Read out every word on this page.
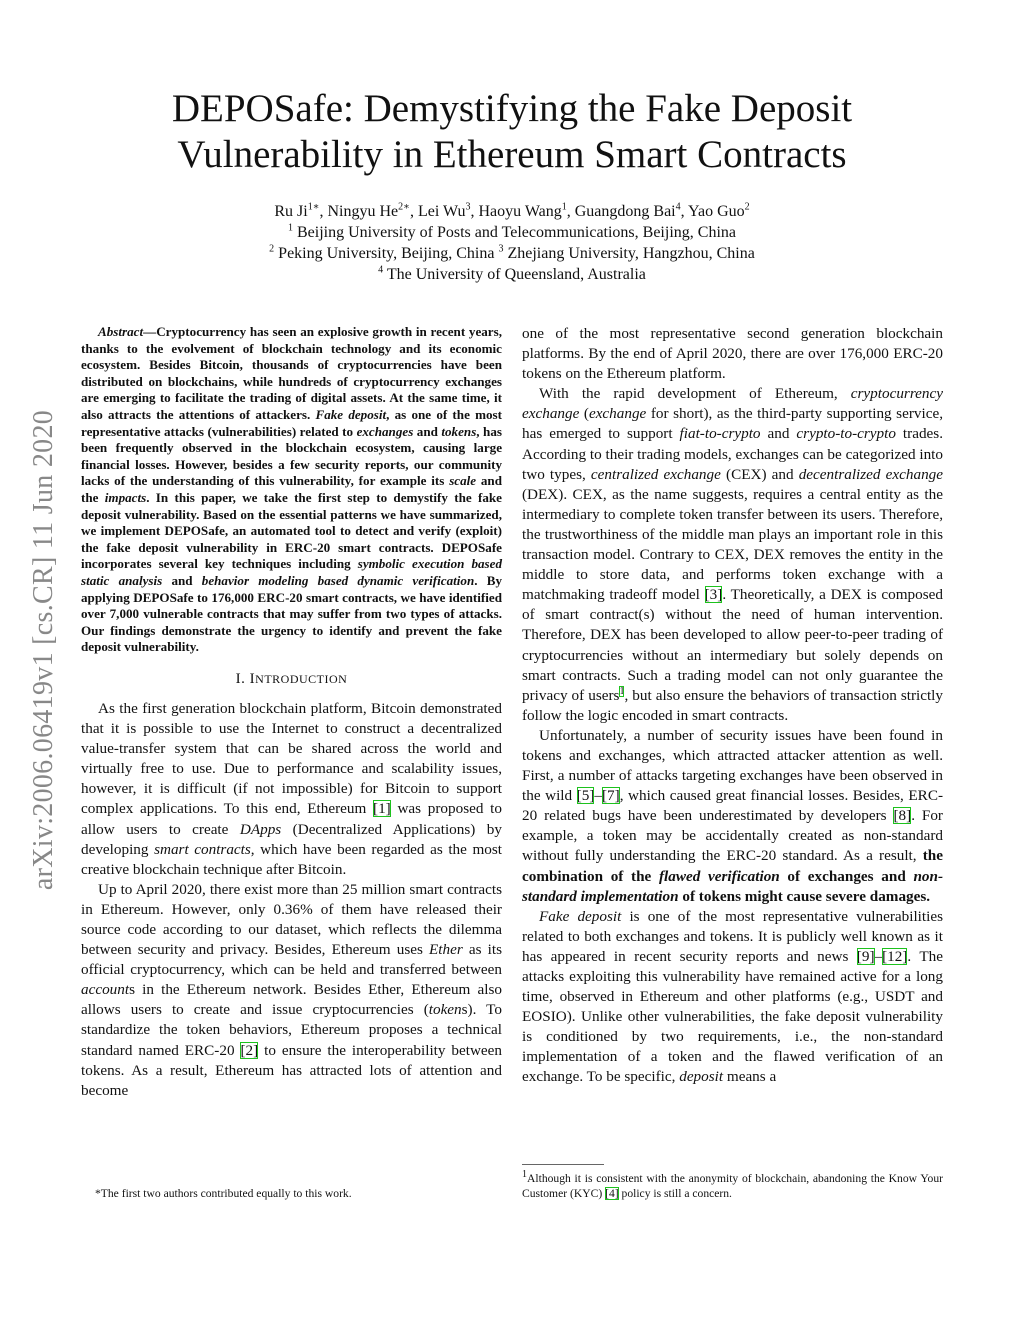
arXiv:2006.06419v1 [cs.CR] 11 Jun 2020
DEPOSafe: Demystifying the Fake Deposit
Vulnerability in Ethereum Smart Contracts
Ru $Ji^{1∗}$, Ningyu $He^{2∗}$, Lei Wu$^3$, Haoyu Wang$^1$, Guangdong Bai$^4$, Yao Guo$^2$
$^1$ Beijing University of Posts and Telecommunications, Beijing, China
$^2$ Peking University, Beijing, China $^3$ Zhejiang University, Hangzhou, China
$^4$ The University of Queensland, Australia

Abstract—Cryptocurrency has seen an explosive growth in recent years, thanks to the evolvement of blockchain technology and its economic ecosystem. Besides Bitcoin, thousands of cryptocurrencies have been distributed on blockchains, while hundreds of cryptocurrency exchanges are emerging to facilitate the trading of digital assets. At the same time, it also attracts the attentions of attackers. Fake deposit, as one of the most representative attacks (vulnerabilities) related to exchanges and tokens, has been frequently observed in the blockchain ecosystem, causing large financial losses. However, besides a few security reports, our community lacks of the understanding of this vulnerability, for example its scale and the impacts. In this paper, we take the first step to demystify the fake deposit vulnerability. Based on the essential patterns we have summarized, we implement DEPOSafe, an automated tool to detect and verify (exploit) the fake deposit vulnerability in ERC-20 smart contracts. DEPOSafe incorporates several key techniques including symbolic execution based static analysis and behavior modeling based dynamic verification. By applying DEPOSafe to 176,000 ERC-20 smart contracts, we have identified over 7,000 vulnerable contracts that may suffer from two types of attacks. Our findings demonstrate the urgency to identify and prevent the fake deposit vulnerability.

I. INTRODUCTION

As the first generation blockchain platform, Bitcoin demonstrated that it is possible to use the Internet to construct a decentralized value-transfer system that can be shared across the world and virtually free to use. Due to performance and scalability issues, however, it is difficult (if not impossible) for Bitcoin to support complex applications. To this end, Ethereum [1] was proposed to allow users to create DApps (Decentralized Applications) by developing smart contracts, which have been regarded as the most creative blockchain technique after Bitcoin.

Up to April 2020, there exist more than 25 million smart contracts in Ethereum. However, only 0.36% of them have released their source code according to our dataset, which reflects the dilemma between security and privacy. Besides, Ethereum uses Ether as its official cryptocurrency, which can be held and transferred between accounts in the Ethereum network. Besides Ether, Ethereum also allows users to create and issue cryptocurrencies (tokens). To standardize the token behaviors, Ethereum proposes a technical standard named ERC-20 [2] to ensure the interoperability between tokens. As a result, Ethereum has attracted lots of attention and become

one of the most representative second generation blockchain platforms. By the end of April 2020, there are over 176,000 ERC-20 tokens on the Ethereum platform.

With the rapid development of Ethereum, cryptocurrency exchange (exchange for short), as the third-party supporting service, has emerged to support fiat-to-crypto and crypto-to-crypto trades. According to their trading models, exchanges can be categorized into two types, centralized exchange (CEX) and decentralized exchange (DEX). CEX, as the name suggests, requires a central entity as the intermediary to complete token transfer between its users. Therefore, the trustworthiness of the middle man plays an important role in this transaction model. Contrary to CEX, DEX removes the entity in the middle to store data, and performs token exchange with a matchmaking tradeoff model [3]. Theoretically, a DEX is composed of smart contract(s) without the need of human intervention. Therefore, DEX has been developed to allow peer-to-peer trading of cryptocurrencies without an intermediary but solely depends on smart contracts. Such a trading model can not only guarantee the privacy of users$^1$, but also ensure the behaviors of transaction strictly follow the logic encoded in smart contracts.

Unfortunately, a number of security issues have been found in tokens and exchanges, which attracted attacker attention as well. First, a number of attacks targeting exchanges have been observed in the wild [5]–[7], which caused great financial losses. Besides, ERC-20 related bugs have been underestimated by developers [8]. For example, a token may be accidentally created as non-standard without fully understanding the ERC-20 standard. As a result, the combination of the flawed verification of exchanges and non-standard implementation of tokens might cause severe damages.

Fake deposit is one of the most representative vulnerabilities related to both exchanges and tokens. It is publicly well known as it has appeared in recent security reports and news [9]–[12]. The attacks exploiting this vulnerability have remained active for a long time, observed in Ethereum and other platforms (e.g., USDT and EOSIO). Unlike other vulnerabilities, the fake deposit vulnerability is conditioned by two requirements, i.e., the non-standard implementation of a token and the flawed verification of an exchange. To be specific, deposit means a

$^1$Although it is consistent with the anonymity of blockchain, abandoning the Know Your Customer (KYC) [4] policy is still a concern.
*The first two authors contributed equally to this work.
